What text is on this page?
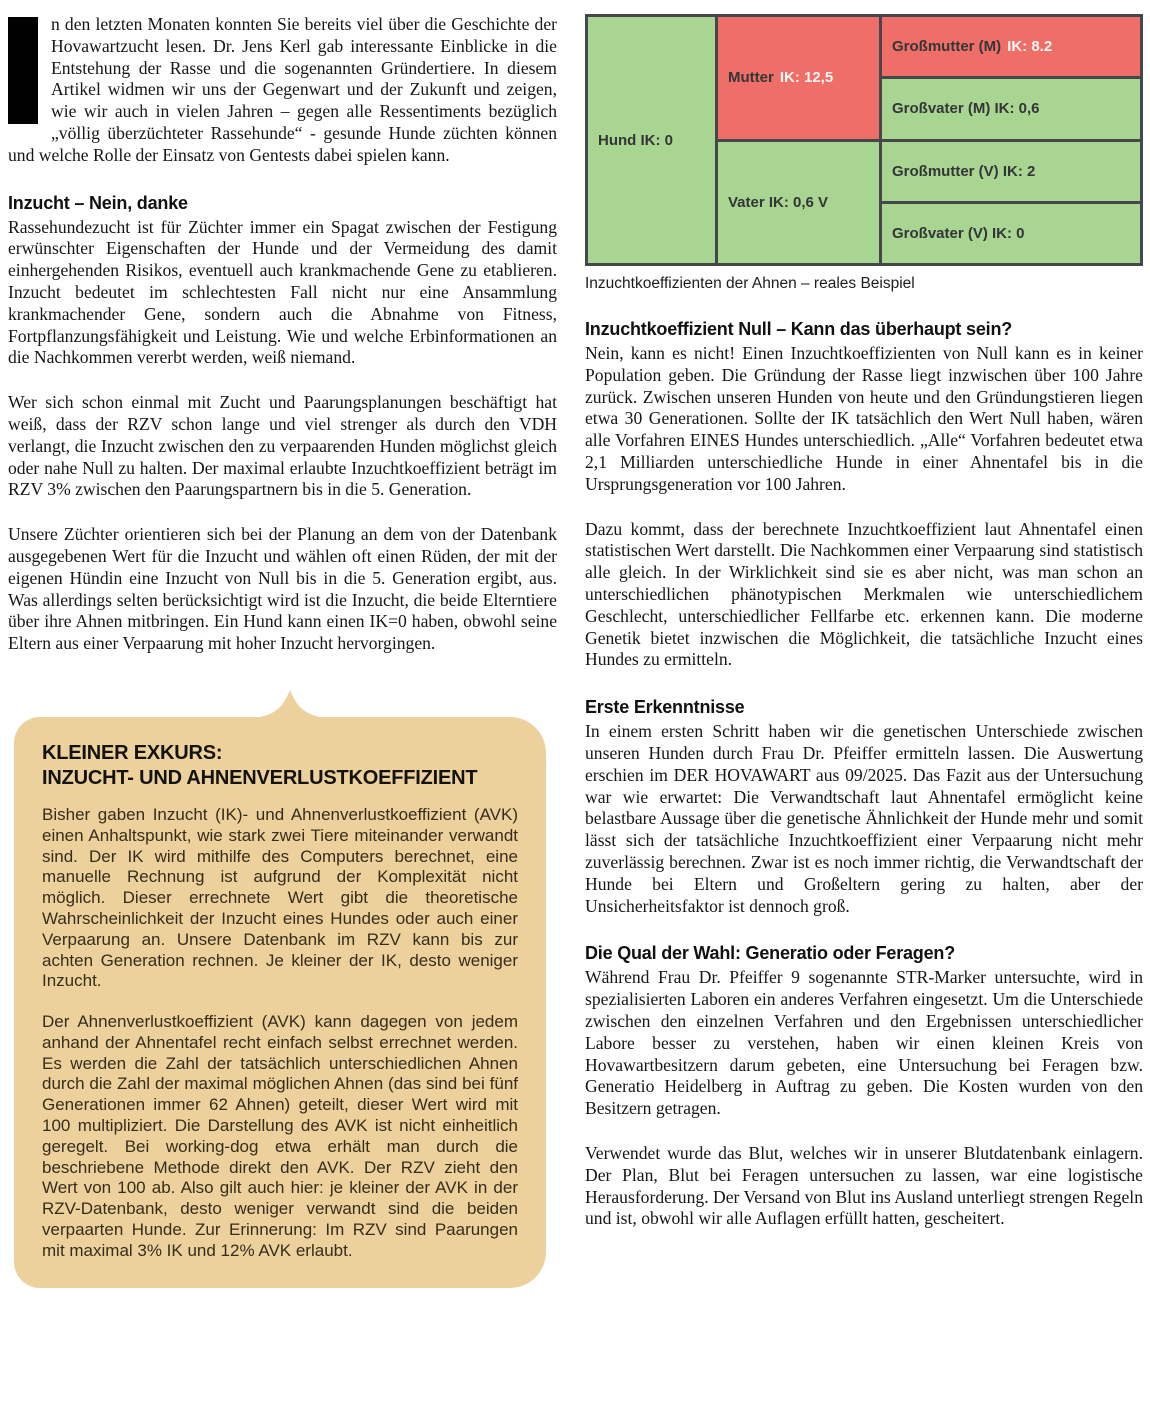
n den letzten Monaten konnten Sie bereits viel über die Geschichte der Hovawartzucht lesen. Dr. Jens Kerl gab interessante Einblicke in die Entstehung der Rasse und die sogenannten Gründertiere. In diesem Artikel widmen wir uns der Gegenwart und der Zukunft und zeigen, wie wir auch in vielen Jahren – gegen alle Ressentiments bezüglich „völlig überzüchteter Rassehunde“ - gesunde Hunde züchten können und welche Rolle der Einsatz von Gentests dabei spielen kann.

Inzucht – Nein, danke

Rassehundezucht ist für Züchter immer ein Spagat zwischen der Festigung erwünschter Eigenschaften der Hunde und der Vermeidung des damit einhergehenden Risikos, eventuell auch krankmachende Gene zu etablieren. Inzucht bedeutet im schlechtesten Fall nicht nur eine Ansammlung krankmachender Gene, sondern auch die Abnahme von Fitness, Fortpflanzungsfähigkeit und Leistung. Wie und welche Erbinformationen an die Nachkommen vererbt werden, weiß niemand.

Wer sich schon einmal mit Zucht und Paarungsplanungen beschäftigt hat weiß, dass der RZV schon lange und viel strenger als durch den VDH verlangt, die Inzucht zwischen den zu verpaarenden Hunden möglichst gleich oder nahe Null zu halten. Der maximal erlaubte Inzuchtkoeffizient beträgt im RZV 3% zwischen den Paarungspartnern bis in die 5. Generation.

Unsere Züchter orientieren sich bei der Planung an dem von der Datenbank ausgegebenen Wert für die Inzucht und wählen oft einen Rüden, der mit der eigenen Hündin eine Inzucht von Null bis in die 5. Generation ergibt, aus. Was allerdings selten berücksichtigt wird ist die Inzucht, die beide Elterntiere über ihre Ahnen mitbringen. Ein Hund kann einen IK=0 haben, obwohl seine Eltern aus einer Verpaarung mit hoher Inzucht hervorgingen.

KLEINER EXKURS:
INZUCHT- UND AHNENVERLUSTKOEFFIZIENT

Bisher gaben Inzucht (IK)- und Ahnenverlustkoeffizient (AVK) einen Anhaltspunkt, wie stark zwei Tiere miteinander verwandt sind. Der IK wird mithilfe des Computers berechnet, eine manuelle Rechnung ist aufgrund der Komplexität nicht möglich. Dieser errechnete Wert gibt die theoretische Wahrscheinlichkeit der Inzucht eines Hundes oder auch einer Verpaarung an. Unsere Datenbank im RZV kann bis zur achten Generation rechnen. Je kleiner der IK, desto weniger Inzucht.

Der Ahnenverlustkoeffizient (AVK) kann dagegen von jedem anhand der Ahnentafel recht einfach selbst errechnet werden. Es werden die Zahl der tatsächlich unterschiedlichen Ahnen durch die Zahl der maximal möglichen Ahnen (das sind bei fünf Generationen immer 62 Ahnen) geteilt, dieser Wert wird mit 100 multipliziert. Die Darstellung des AVK ist nicht einheitlich geregelt. Bei working-dog etwa erhält man durch die beschriebene Methode direkt den AVK. Der RZV zieht den Wert von 100 ab. Also gilt auch hier: je kleiner der AVK in der RZV-Datenbank, desto weniger verwandt sind die beiden verpaarten Hunde. Zur Erinnerung: Im RZV sind Paarungen mit maximal 3% IK und 12% AVK erlaubt.

Hund IK: 0
Mutter IK: 12,5
Großmutter (M) IK: 8.2
Großvater (M) IK: 0,6
Vater IK: 0,6 V
Großmutter (V) IK: 2
Großvater (V) IK: 0
Inzuchtkoeffizienten der Ahnen – reales Beispiel
Inzuchtkoeffizient Null – Kann das überhaupt sein?

Nein, kann es nicht! Einen Inzuchtkoeffizienten von Null kann es in keiner Population geben. Die Gründung der Rasse liegt inzwischen über 100 Jahre zurück. Zwischen unseren Hunden von heute und den Gründungstieren liegen etwa 30 Generationen. Sollte der IK tatsächlich den Wert Null haben, wären alle Vorfahren EINES Hundes unterschiedlich. „Alle“ Vorfahren bedeutet etwa 2,1 Milliarden unterschiedliche Hunde in einer Ahnentafel bis in die Ursprungsgeneration vor 100 Jahren.

Dazu kommt, dass der berechnete Inzuchtkoeffizient laut Ahnentafel einen statistischen Wert darstellt. Die Nachkommen einer Verpaarung sind statistisch alle gleich. In der Wirklichkeit sind sie es aber nicht, was man schon an unterschiedlichen phänotypischen Merkmalen wie unterschiedlichem Geschlecht, unterschiedlicher Fellfarbe etc. erkennen kann. Die moderne Genetik bietet inzwischen die Möglichkeit, die tatsächliche Inzucht eines Hundes zu ermitteln.

Erste Erkenntnisse

In einem ersten Schritt haben wir die genetischen Unterschiede zwischen unseren Hunden durch Frau Dr. Pfeiffer ermitteln lassen. Die Auswertung erschien im DER HOVAWART aus 09/2025. Das Fazit aus der Untersuchung war wie erwartet: Die Verwandtschaft laut Ahnentafel ermöglicht keine belastbare Aussage über die genetische Ähnlichkeit der Hunde mehr und somit lässt sich der tatsächliche Inzuchtkoeffizient einer Verpaarung nicht mehr zuverlässig berechnen. Zwar ist es noch immer richtig, die Verwandtschaft der Hunde bei Eltern und Großeltern gering zu halten, aber der Unsicherheitsfaktor ist dennoch groß.

Die Qual der Wahl: Generatio oder Feragen?

Während Frau Dr. Pfeiffer 9 sogenannte STR-Marker untersuchte, wird in spezialisierten Laboren ein anderes Verfahren eingesetzt. Um die Unterschiede zwischen den einzelnen Verfahren und den Ergebnissen unterschiedlicher Labore besser zu verstehen, haben wir einen kleinen Kreis von Hovawartbesitzern darum gebeten, eine Untersuchung bei Feragen bzw. Generatio Heidelberg in Auftrag zu geben. Die Kosten wurden von den Besitzern getragen.

Verwendet wurde das Blut, welches wir in unserer Blutdatenbank einlagern. Der Plan, Blut bei Feragen untersuchen zu lassen, war eine logistische Herausforderung. Der Versand von Blut ins Ausland unterliegt strengen Regeln und ist, obwohl wir alle Auflagen erfüllt hatten, gescheitert.
